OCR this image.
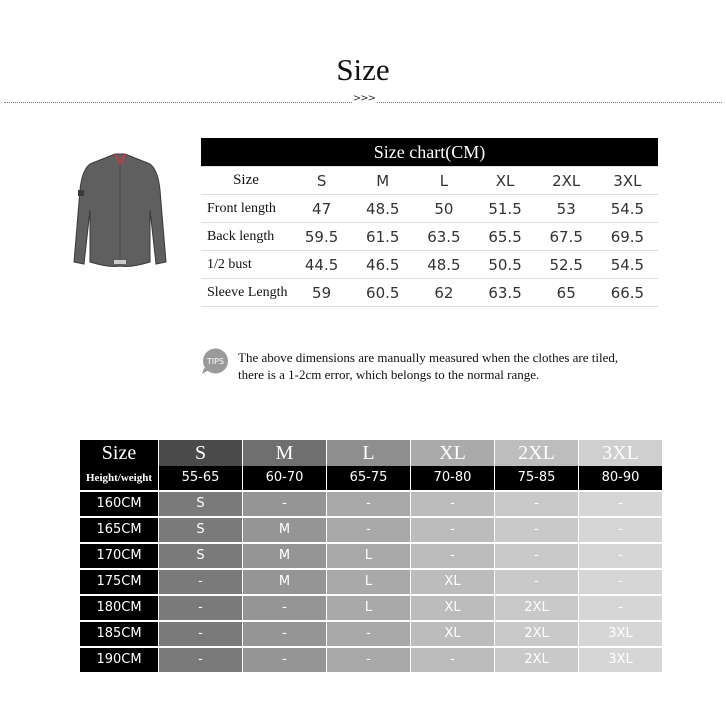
Size
>>>
Size chart(CM)						
Size	S	M	L	XL	2XL	3XL
Front length	47	48.5	50	51.5	53	54.5
Back length	59.5	61.5	63.5	65.5	67.5	69.5
1/2 bust	44.5	46.5	48.5	50.5	52.5	54.5
Sleeve Length	59	60.5	62	63.5	65	66.5
TIPS The above dimensions are manually measured when the clothes are tiled,
there is a 1-2cm error, which belongs to the normal range.
Size	S	M	L	XL	2XL	3XL
Height/weight	55-65	60-70	65-75	70-80	75-85	80-90
160CM	S	-	-	-	-	-
165CM	S	M	-	-	-	-
170CM	S	M	L	-	-	-
175CM	-	M	L	XL	-	-
180CM	-	-	L	XL	2XL	-
185CM	-	-	-	XL	2XL	3XL
190CM	-	-	-	-	2XL	3XL
